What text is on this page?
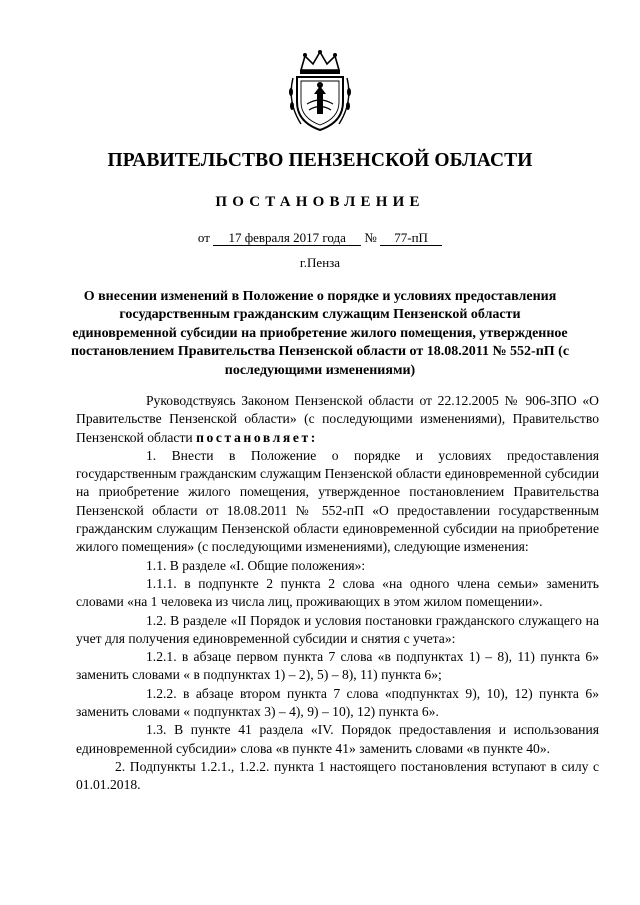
ПРАВИТЕЛЬСТВО ПЕНЗЕНСКОЙ ОБЛАСТИ
ПОСТАНОВЛЕНИЕ
от 17 февраля 2017 года № 77-пП
г.Пенза
О внесении изменений в Положение о порядке и условиях предоставления государственным гражданским служащим Пензенской области единовременной субсидии на приобретение жилого помещения, утвержденное постановлением Правительства Пензенской области от 18.08.2011 № 552-пП (с последующими изменениями)

Руководствуясь Законом Пензенской области от 22.12.2005 № 906-ЗПО «О Правительстве Пензенской области» (с последующими изменениями), Правительство Пензенской области постановляет:

1. Внести в Положение о порядке и условиях предоставления государственным гражданским служащим Пензенской области единовременной субсидии на приобретение жилого помещения, утвержденное постановлением Правительства Пензенской области от 18.08.2011 № 552-пП «О предоставлении государственным гражданским служащим Пензенской области единовременной субсидии на приобретение жилого помещения» (с последующими изменениями), следующие изменения:

1.1. В разделе «I. Общие положения»:

1.1.1. в подпункте 2 пункта 2 слова «на одного члена семьи» заменить словами «на 1 человека из числа лиц, проживающих в этом жилом помещении».

1.2. В разделе «II Порядок и условия постановки гражданского служащего на учет для получения единовременной субсидии и снятия с учета»:

1.2.1. в абзаце первом пункта 7 слова «в подпунктах 1) – 8), 11) пункта 6» заменить словами « в подпунктах 1) – 2), 5) – 8), 11) пункта 6»;

1.2.2. в абзаце втором пункта 7 слова «подпунктах 9), 10), 12) пункта 6» заменить словами « подпунктах 3) – 4), 9) – 10), 12) пункта 6».

1.3. В пункте 41 раздела «IV. Порядок предоставления и использования единовременной субсидии» слова «в пункте 41» заменить словами «в пункте 40».

2. Подпункты 1.2.1., 1.2.2. пункта 1 настоящего постановления вступают в силу с 01.01.2018.
